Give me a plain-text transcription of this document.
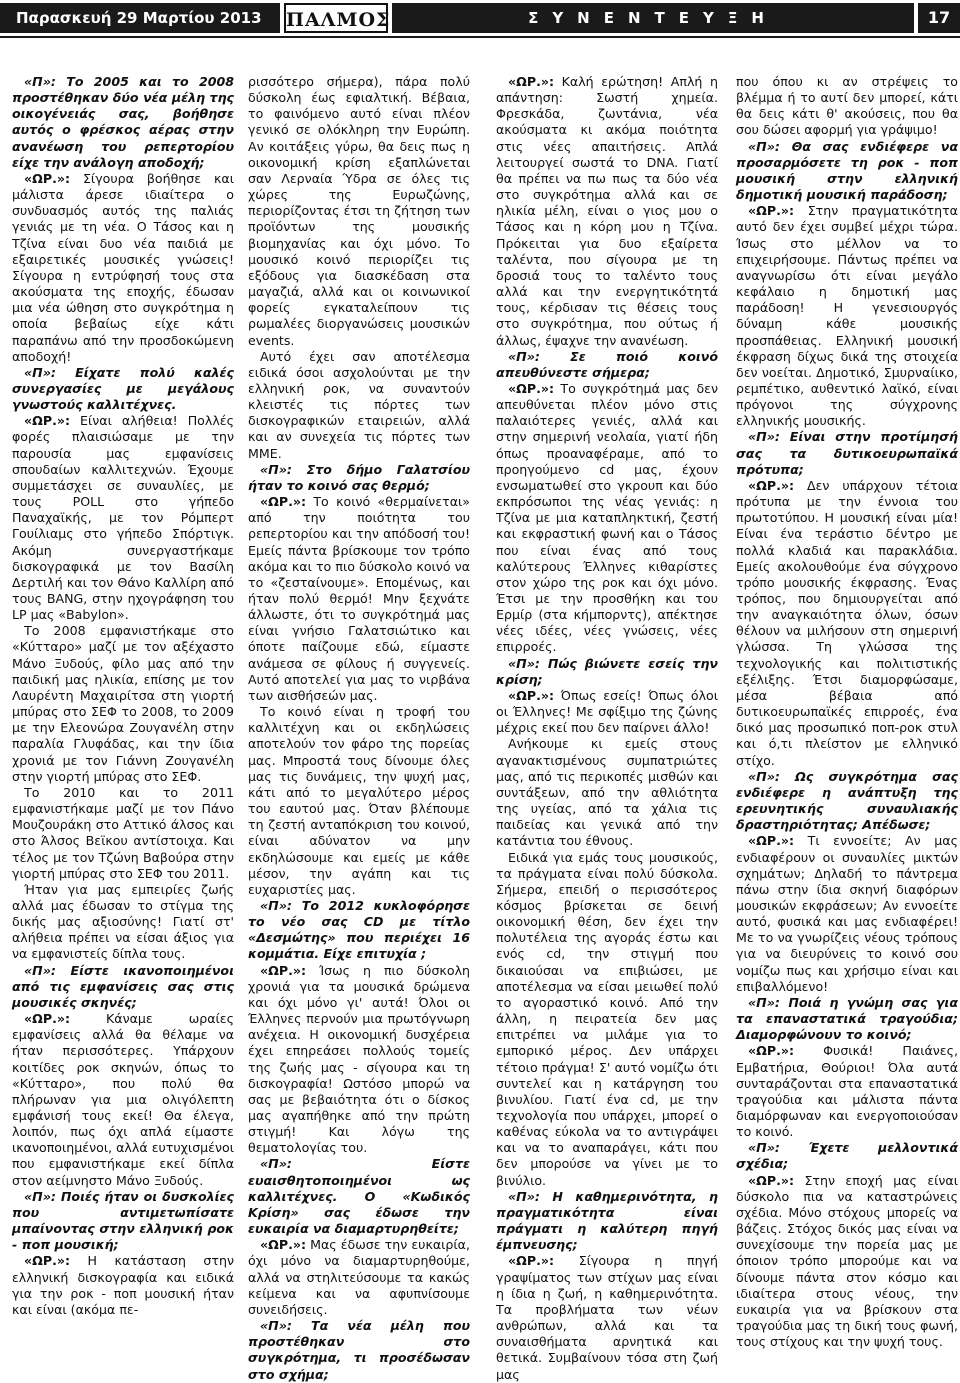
Παρασκευή 29 Μαρτίου 2013	ΠΑΛΜΟΣ	ΣΥΝΕΝΤΕΥΞΗ	17

«Π»: Το 2005 και το 2008 προστέθηκαν δύο νέα μέλη της οικογένειάς σας, βοήθησε αυτός ο φρέσκος αέρας στην ανανέωση του ρεπερτορίου είχε την ανάλογη αποδοχή;

«ΩΡ.»: Σίγουρα βοήθησε και μάλιστα άρεσε ιδιαίτερα ο συνδυασμός αυτός της παλιάς γενιάς με τη νέα. Ο Τάσος και η Τζίνα είναι δυο νέα παιδιά με εξαιρετικές μουσικές γνώσεις! Σίγουρα η εντρύφησή τους στα ακούσματα της εποχής, έδωσαν μια νέα ώθηση στο συγκρότημα η οποία βεβαίως είχε κάτι παραπάνω από την προσδοκώμενη αποδοχή!

«Π»: Είχατε πολύ καλές συνεργασίες με μεγάλους γνωστούς καλλιτέχνες.

«ΩΡ.»: Είναι αλήθεια! Πολλές φορές πλαισιώσαμε με την παρουσία μας εμφανίσεις σπουδαίων καλλιτεχνών. Έχουμε συμμετάσχει σε συναυλίες, με τους POLL στο γήπεδο Παναχαϊκής, με τον Ρόμπερτ Γουίλιαμς στο γήπεδο Σπόρτιγκ. Ακόμη συνεργαστήκαμε δισκογραφικά με τον Βασίλη Δερτιλή και τον Θάνο Καλλίρη από τους BANG, στην ηχογράφηση του LP μας «Babylon».

Το 2008 εμφανιστήκαμε στο «Κύτταρο» μαζί με τον αξέχαστο Μάνο Ξυδούς, φίλο μας από την παιδική μας ηλικία, επίσης με τον Λαυρέντη Μαχαιρίτσα στη γιορτή μπύρας στο ΣΕΦ το 2008, το 2009 με την Ελεονώρα Ζουγανέλη στην παραλία Γλυφάδας, και την ίδια χρονιά με τον Γιάννη Ζουγανέλη στην γιορτή μπύρας στο ΣΕΦ.

Το 2010 και το 2011 εμφανιστήκαμε μαζί με τον Πάνο Μουζουράκη στο Αττικό άλσος και στο Άλσος Βεϊκου αντίστοιχα. Και τέλος με τον Τζώνη Βαβούρα στην γιορτή μπύρας στο ΣΕΦ του 2011.

Ήταν για μας εμπειρίες ζωής αλλά μας έδωσαν το στίγμα της δικής μας αξιοσύνης! Γιατί στ' αλήθεια πρέπει να είσαι άξιος για να εμφανιστείς δίπλα τους.

«Π»: Είστε ικανοποιημένοι από τις εμφανίσεις σας στις μουσικές σκηνές;

«ΩΡ.»: Κάναμε ωραίες εμφανίσεις αλλά θα θέλαμε να ήταν περισσότερες. Υπάρχουν κοιτίδες ροκ σκηνών, όπως το «Κύτταρο», που πολύ θα πλήρωναν για μια ολιγόλεπτη εμφάνισή τους εκεί! Θα έλεγα, λοιπόν, πως όχι απλά είμαστε ικανοποιημένοι, αλλά ευτυχισμένοι που εμφανιστήκαμε εκεί δίπλα στον αείμνηστο Μάνο Ξυδούς.

«Π»: Ποιές ήταν οι δυσκολίες που αντιμετωπίσατε μπαίνοντας στην ελληνική ροκ - ποπ μουσική;

«ΩΡ.»: Η κατάσταση στην ελληνική δισκογραφία και ειδικά για την ροκ - ποπ μουσική ήταν και είναι (ακόμα πε-

ρισσότερο σήμερα), πάρα πολύ δύσκολη έως εφιαλτική. Βέβαια, το φαινόμενο αυτό είναι πλέον γενικό σε ολόκληρη την Ευρώπη. Αν κοιτάξεις γύρω, θα δεις πως η οικονομική κρίση εξαπλώνεται σαν Λερναία Ύδρα σε όλες τις χώρες της Ευρωζώνης, περιορίζοντας έτσι τη ζήτηση των προϊόντων της μουσικής βιομηχανίας και όχι μόνο. Το μουσικό κοινό περιορίζει τις εξόδους για διασκέδαση στα μαγαζιά, αλλά και οι κοινωνικοί φορείς εγκαταλείπουν τις ρωμαλέες διοργανώσεις μουσικών events.

Αυτό έχει σαν αποτέλεσμα ειδικά όσοι ασχολούνται με την ελληνική ροκ, να συναντούν κλειστές τις πόρτες των δισκογραφικών εταιρειών, αλλά και αν συνεχεία τις πόρτες των ΜΜΕ.

«Π»: Στο δήμο Γαλατσίου ήταν το κοινό σας θερμό;

«ΩΡ.»: Το κοινό «θερμαίνεται» από την ποιότητα του ρεπερτορίου και την απόδοσή του! Εμείς πάντα βρίσκουμε τον τρόπο ακόμα και το πιο δύσκολο κοινό να το «ζεσταίνουμε». Επομένως, και ήταν πολύ θερμό! Μην ξεχνάτε άλλωστε, ότι το συγκρότημά μας είναι γνήσιο Γαλατσιώτικο και όποτε παίζουμε εδώ, είμαστε ανάμεσα σε φίλους ή συγγενείς. Αυτό αποτελεί για μας το νιρβάνα των αισθήσεών μας.

Το κοινό είναι η τροφή του καλλιτέχνη και οι εκδηλώσεις αποτελούν τον φάρο της πορείας μας. Μπροστά τους δίνουμε όλες μας τις δυνάμεις, την ψυχή μας, κάτι από το μεγαλύτερο μέρος του εαυτού μας. Όταν βλέπουμε τη ζεστή ανταπόκριση του κοινού, είναι αδύνατον να μην εκδηλώσουμε και εμείς με κάθε μέσον, την αγάπη και τις ευχαριστίες μας.

«Π»: Το 2012 κυκλοφόρησε το νέο σας CD με τίτλο «Δεσμώτης» που περιέχει 16 κομμάτια. Είχε επιτυχία ;

«ΩΡ.»: Ίσως η πιο δύσκολη χρονιά για τα μουσικά δρώμενα και όχι μόνο γι' αυτά! Όλοι οι Έλληνες περνούν μια πρωτόγνωρη ανέχεια. Η οικονομική δυσχέρεια έχει επηρεάσει πολλούς τομείς της ζωής μας - σίγουρα και τη δισκογραφία! Ωστόσο μπορώ να σας με βεβαιότητα ότι ο δίσκος μας αγαπήθηκε από την πρώτη στιγμή! Και λόγω της θεματολογίας του.

«Π»: Είστε ευαισθητοποιημένοι ως καλλιτέχνες. Ο «Κωδικός Κρίση» σας έδωσε την ευκαιρία να διαμαρτυρηθείτε;

«ΩΡ.»: Μας έδωσε την ευκαιρία, όχι μόνο να διαμαρτυρηθούμε, αλλά να στηλιτεύσουμε τα κακώς κείμενα και να αφυπνίσουμε συνειδήσεις.

«Π»: Τα νέα μέλη που προστέθηκαν στο συγκρότημα, τι προσέδωσαν στο σχήμα;

«ΩΡ.»: Καλή ερώτηση! Απλή η απάντηση: Σωστή χημεία. Φρεσκάδα, ζωντάνια, νέα ακούσματα κι ακόμα ποιότητα στις νέες απαιτήσεις. Απλά λειτουργεί σωστά το DNA. Γιατί θα πρέπει να πω πως τα δύο νέα στο συγκρότημα αλλά και σε ηλικία μέλη, είναι ο γιος μου ο Τάσος και η κόρη μου η Τζίνα. Πρόκειται για δυο εξαίρετα ταλέντα, που σίγουρα με τη δροσιά τους το ταλέντο τους αλλά και την ενεργητικότητά τους, κέρδισαν τις θέσεις τους στο συγκρότημα, που ούτως ή άλλως, έψαχνε την ανανέωση.

«Π»: Σε ποιό κοινό απευθύνεστε σήμερα;

«ΩΡ.»: Το συγκρότημά μας δεν απευθύνεται πλέον μόνο στις παλαιότερες γενιές, αλλά και στην σημερινή νεολαία, γιατί ήδη όπως προαναφέραμε, από το προηγούμενο cd μας, έχουν ενσωματωθεί στο γκρουπ και δύο εκπρόσωποι της νέας γενιάς: η Τζίνα με μια καταπληκτική, ζεστή και εκφραστική φωνή και ο Τάσος που είναι ένας από τους καλύτερους Έλληνες κιθαρίστες στον χώρο της ροκ και όχι μόνο. Έτσι με την προσθήκη και του Ερμίρ (στα κήμπορντς), απέκτησε νέες ιδέες, νέες γνώσεις, νέες επιρροές.

«Π»: Πώς βιώνετε εσείς την κρίση;

«ΩΡ.»: Όπως εσείς! Όπως όλοι οι Έλληνες! Με σφίξιμο της ζώνης μέχρις εκεί που δεν παίρνει άλλο!

Ανήκουμε κι εμείς στους αγανακτισμένους συμπατριώτες μας, από τις περικοπές μισθών και συντάξεων, από την αθλιότητα της υγείας, από τα χάλια τις παιδείας και γενικά από την κατάντια του έθνους.

Ειδικά για εμάς τους μουσικούς, τα πράγματα είναι πολύ δύσκολα. Σήμερα, επειδή ο περισσότερος κόσμος βρίσκεται σε δεινή οικονομική θέση, δεν έχει την πολυτέλεια της αγοράς έστω και ενός cd, την στιγμή που δικαιούσαι να επιβιώσει, με αποτέλεσμα να είσαι μειωθεί πολύ το αγοραστικό κοινό. Από την άλλη, η πειρατεία δεν μας επιτρέπει να μιλάμε για το εμπορικό μέρος. Δεν υπάρχει τέτοιο πράγμα! Σ' αυτό νομίζω ότι συντελεί και η κατάργηση του βινυλίου. Γιατί ένα cd, με την τεχνολογία που υπάρχει, μπορεί ο καθένας εύκολα να το αντιγράψει και να το αναπαράγει, κάτι που δεν μπορούσε να γίνει με το βινύλιο.

«Π»: Η καθημερινότητα, η πραγματικότητα είναι πράγματι η καλύτερη πηγή έμπνευσης;

«ΩΡ.»: Σίγουρα η πηγή γραψίματος των στίχων μας είναι η ίδια η ζωή, η καθημερινότητα. Τα προβλήματα των νέων ανθρώπων, αλλά και τα συναισθήματα αρνητικά και θετικά. Συμβαίνουν τόσα στη ζωή μας

που όπου κι αν στρέψεις το βλέμμα ή το αυτί δεν μπορεί, κάτι θα δεις κάτι θ' ακούσεις, που θα σου δώσει αφορμή για γράψιμο!

«Π»: Θα σας ενδιέφερε να προσαρμόσετε τη ροκ - ποπ μουσική στην ελληνική δημοτική μουσική παράδοση;

«ΩΡ.»: Στην πραγματικότητα αυτό δεν έχει συμβεί μέχρι τώρα. Ίσως στο μέλλον να το επιχειρήσουμε. Πάντως πρέπει να αναγνωρίσω ότι είναι μεγάλο κεφάλαιο η δημοτική μας παράδοση! Η γενεσιουργός δύναμη κάθε μουσικής προσπάθειας. Ελληνική μουσική έκφραση δίχως δικά της στοιχεία δεν νοείται. Δημοτικό, Σμυρναίικο, ρεμπέτικο, αυθεντικό λαϊκό, είναι πρόγονοι της σύγχρονης ελληνικής μουσικής.

«Π»: Είναι στην προτίμησή σας τα δυτικοευρωπαϊκά πρότυπα;

«ΩΡ.»: Δεν υπάρχουν τέτοια πρότυπα με την έννοια του πρωτοτύπου. Η μουσική είναι μία! Είναι ένα τεράστιο δέντρο με πολλά κλαδιά και παρακλάδια. Εμείς ακολουθούμε ένα σύγχρονο τρόπο μουσικής έκφρασης. Ένας τρόπος, που δημιουργείται από την αναγκαιότητα όλων, όσων θέλουν να μιλήσουν στη σημερινή γλώσσα. Τη γλώσσα της τεχνολογικής και πολιτιστικής εξέλιξης. Έτσι διαμορφώσαμε, μέσα βέβαια από δυτικοευρωπαϊκές επιρροές, ένα δικό μας προσωπικό ποπ-ροκ στυλ και ό,τι πλείστον με ελληνικό στίχο.

«Π»: Ως συγκρότημα σας ενδιέφερε η ανάπτυξη της ερευνητικής συναυλιακής δραστηριότητας; Απέδωσε;

«ΩΡ.»: Τι εννοείτε; Αν μας ενδιαφέρουν οι συναυλίες μικτών σχημάτων; Δηλαδή το πάντρεμα πάνω στην ίδια σκηνή διαφόρων μουσικών εκφράσεων; Αν εννοείτε αυτό, φυσικά και μας ενδιαφέρει! Με το να γνωρίζεις νέους τρόπους για να διευρύνεις το κοινό σου νομίζω πως και χρήσιμο είναι και επιβαλλόμενο!

«Π»: Ποιά η γνώμη σας για τα επαναστατικά τραγούδια; Διαμορφώνουν το κοινό;

«ΩΡ.»: Φυσικά! Παιάνες, Εμβατήρια, Θούριοι! Όλα αυτά συνταράζονται στα επαναστατικά τραγούδια και μάλιστα πάντα διαμόρφωναν και ενεργοποιούσαν το κοινό.

«Π»: Έχετε μελλοντικά σχέδια;

«ΩΡ.»: Στην εποχή μας είναι δύσκολο πια να καταστρώνεις σχέδια. Μόνο στόχους μπορείς να βάζεις. Στόχος δικός μας είναι να συνεχίσουμε την πορεία μας με όποιον τρόπο μπορούμε και να δίνουμε πάντα στον κόσμο και ιδιαίτερα στους νέους, την ευκαιρία για να βρίσκουν στα τραγούδια μας τη δική τους φωνή, τους στίχους και την ψυχή τους.
